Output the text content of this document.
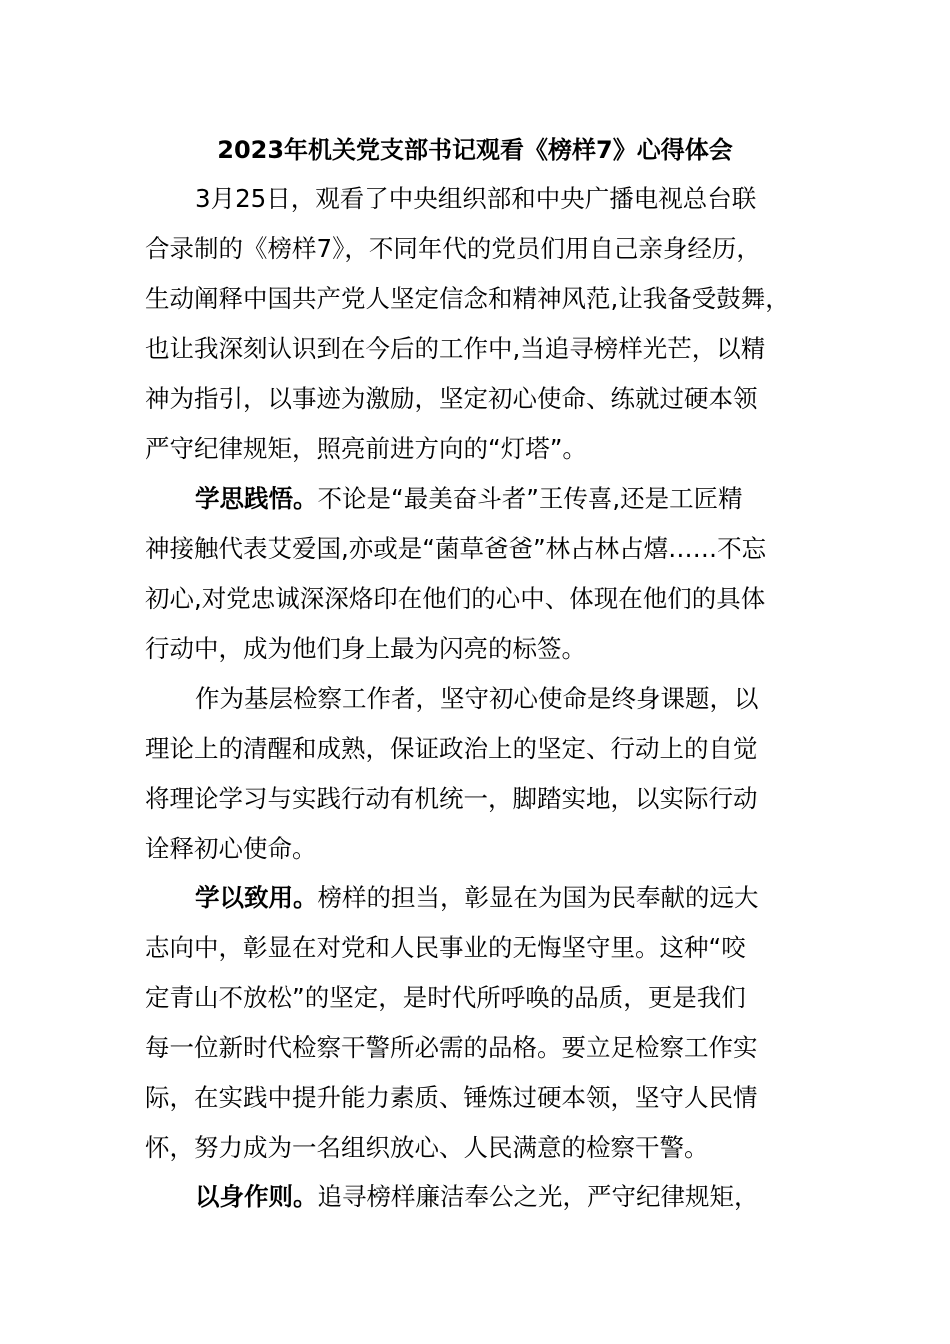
2023年机关党支部书记观看《榜样7》心得体会
3月25日，观看了中央组织部和中央广播电视总台联
合录制的《榜样7》，不同年代的党员们用自己亲身经历，
生动阐释中国共产党人坚定信念和精神风范,让我备受鼓舞，
也让我深刻认识到在今后的工作中,当追寻榜样光芒，以精
神为指引，以事迹为激励，坚定初心使命、练就过硬本领
严守纪律规矩，照亮前进方向的“灯塔”。
学思践悟。不论是“最美奋斗者”王传喜,还是工匠精
神接触代表艾爱国,亦或是“菌草爸爸”林占林占熺……不忘
初心,对党忠诚深深烙印在他们的心中、体现在他们的具体
行动中，成为他们身上最为闪亮的标签。
作为基层检察工作者，坚守初心使命是终身课题，以
理论上的清醒和成熟，保证政治上的坚定、行动上的自觉
将理论学习与实践行动有机统一，脚踏实地，以实际行动
诠释初心使命。
学以致用。榜样的担当，彰显在为国为民奉献的远大
志向中，彰显在对党和人民事业的无悔坚守里。这种“咬
定青山不放松”的坚定，是时代所呼唤的品质，更是我们
每一位新时代检察干警所必需的品格。要立足检察工作实
际，在实践中提升能力素质、锤炼过硬本领，坚守人民情
怀，努力成为一名组织放心、人民满意的检察干警。
以身作则。追寻榜样廉洁奉公之光，严守纪律规矩，
